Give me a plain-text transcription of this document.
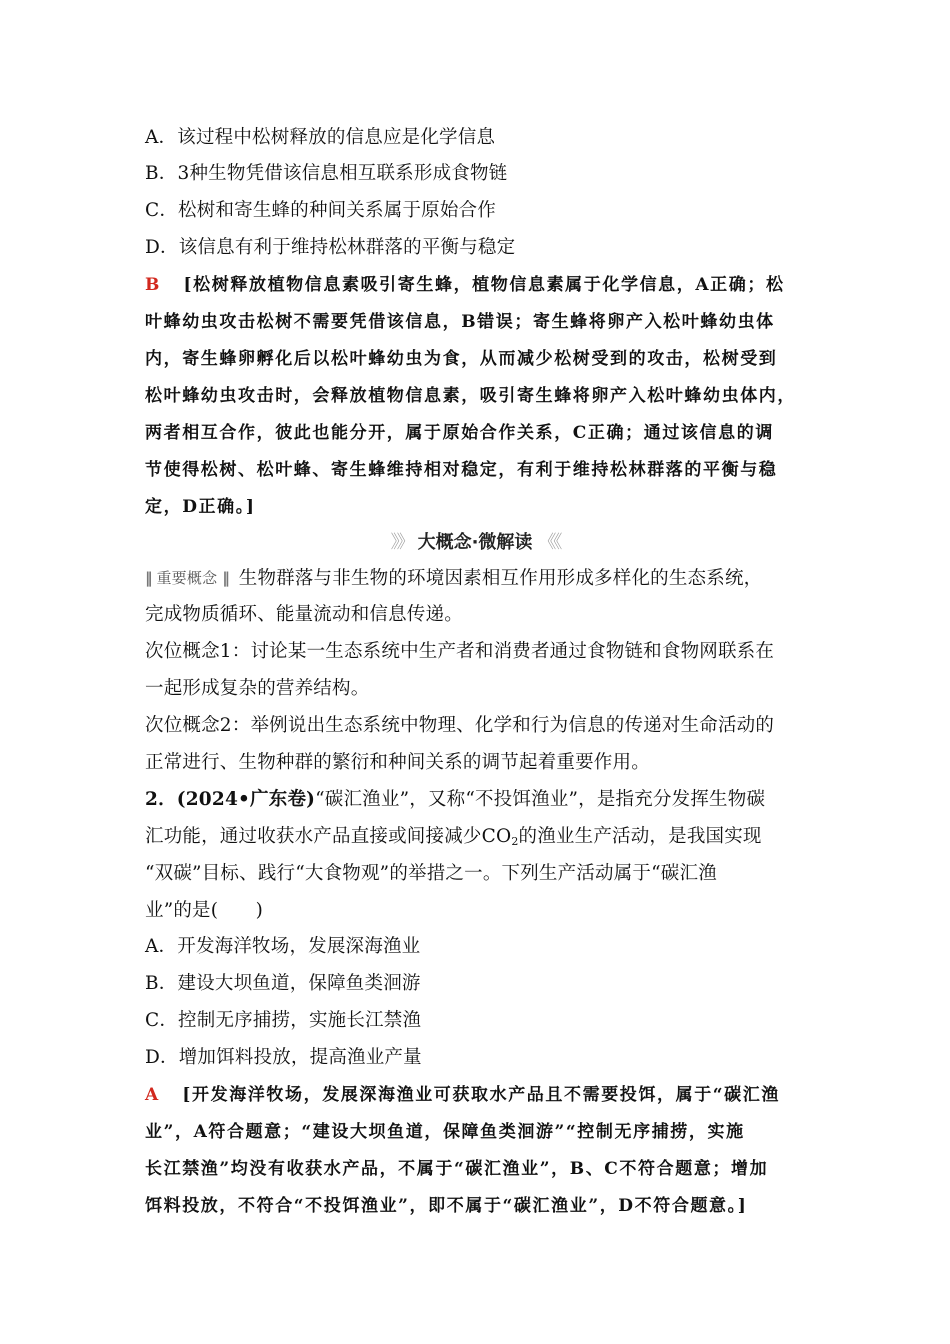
A．该过程中松树释放的信息应是化学信息
B．3种生物凭借该信息相互联系形成食物链
C．松树和寄生蜂的种间关系属于原始合作
D．该信息有利于维持松林群落的平衡与稳定
B [松树释放植物信息素吸引寄生蜂，植物信息素属于化学信息，A正确；松
叶蜂幼虫攻击松树不需要凭借该信息，B错误；寄生蜂将卵产入松叶蜂幼虫体
内，寄生蜂卵孵化后以松叶蜂幼虫为食，从而减少松树受到的攻击，松树受到
松叶蜂幼虫攻击时，会释放植物信息素，吸引寄生蜂将卵产入松叶蜂幼虫体内，
两者相互合作，彼此也能分开，属于原始合作关系，C正确；通过该信息的调
节使得松树、松叶蜂、寄生蜂维持相对稳定，有利于维持松林群落的平衡与稳
定，D正确。]
》》 大概念·微解读 《《
‖ 重要概念 ‖ 生物群落与非生物的环境因素相互作用形成多样化的生态系统，
完成物质循环、能量流动和信息传递。
次位概念1：讨论某一生态系统中生产者和消费者通过食物链和食物网联系在
一起形成复杂的营养结构。
次位概念2：举例说出生态系统中物理、化学和行为信息的传递对生命活动的
正常进行、生物种群的繁衍和种间关系的调节起着重要作用。
2．(2024•广东卷)“碳汇渔业”，又称“不投饵渔业”，是指充分发挥生物碳
汇功能，通过收获水产品直接或间接减少$CO_2$的渔业生产活动，是我国实现
“双碳”目标、践行“大食物观”的举措之一。下列生产活动属于“碳汇渔
业”的是(　　)
A．开发海洋牧场，发展深海渔业
B．建设大坝鱼道，保障鱼类洄游
C．控制无序捕捞，实施长江禁渔
D．增加饵料投放，提高渔业产量
A [开发海洋牧场，发展深海渔业可获取水产品且不需要投饵，属于“碳汇渔
业”，A符合题意；“建设大坝鱼道，保障鱼类洄游”“控制无序捕捞，实施
长江禁渔”均没有收获水产品，不属于“碳汇渔业”，B、C不符合题意；增加
饵料投放，不符合“不投饵渔业”，即不属于“碳汇渔业”，D不符合题意。]
